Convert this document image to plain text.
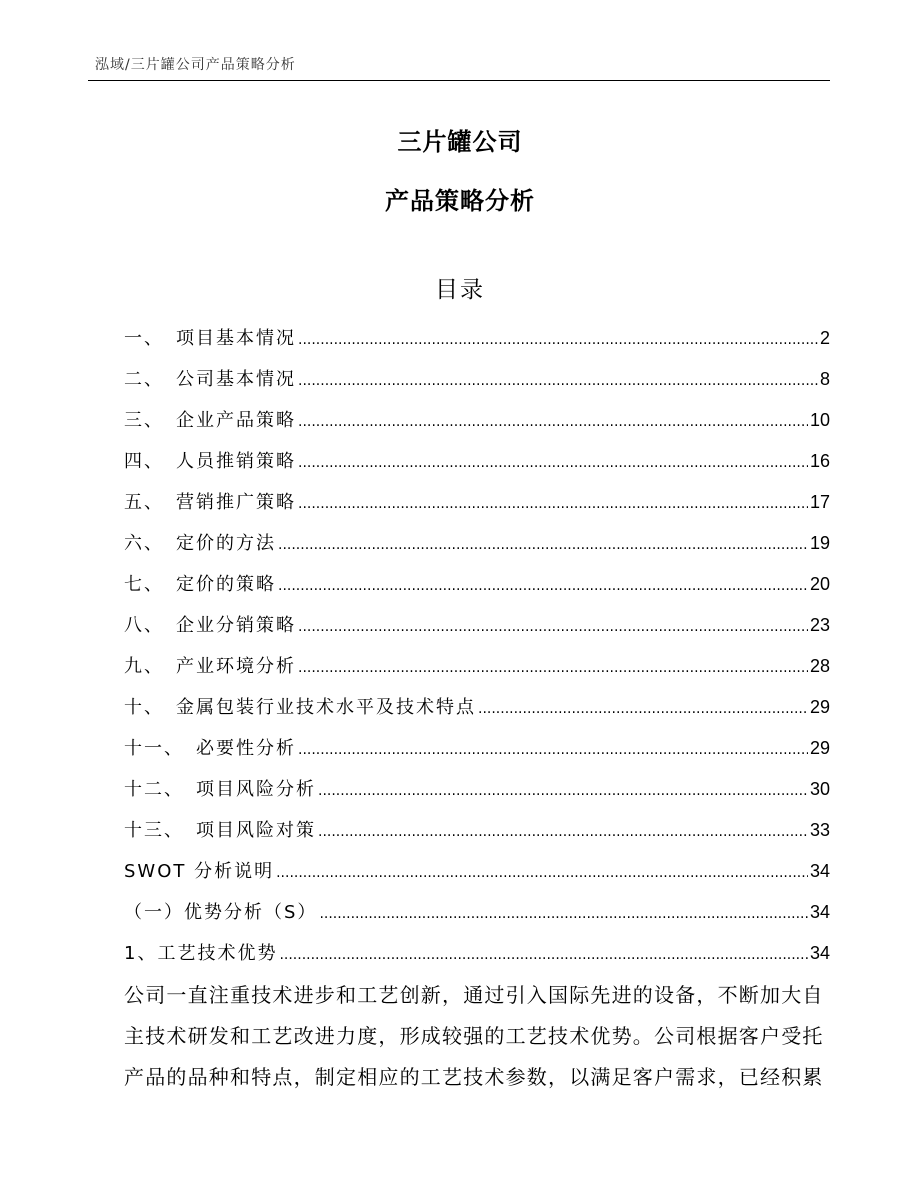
泓域/三片罐公司产品策略分析
三片罐公司
产品策略分析
目录
一、 项目基本情况 .....	2
二、 公司基本情况 .....	8
三、 企业产品策略 .....	10
四、 人员推销策略 .....	16
五、 营销推广策略 .....	17
六、 定价的方法 .....	19
七、 定价的策略 .....	20
八、 企业分销策略 .....	23
九、 产业环境分析 .....	28
十、 金属包装行业技术水平及技术特点 .....	29
十一、 必要性分析 .....	29
十二、 项目风险分析 .....	30
十三、 项目风险对策 .....	33
SWOT 分析说明 .....	34
（一）优势分析（S） .....	34
1、工艺技术优势 .....	34
公司一直注重技术进步和工艺创新，通过引入国际先进的设备，不断加大自
主技术研发和工艺改进力度，形成较强的工艺技术优势。公司根据客户受托
产品的品种和特点，制定相应的工艺技术参数，以满足客户需求，已经积累
